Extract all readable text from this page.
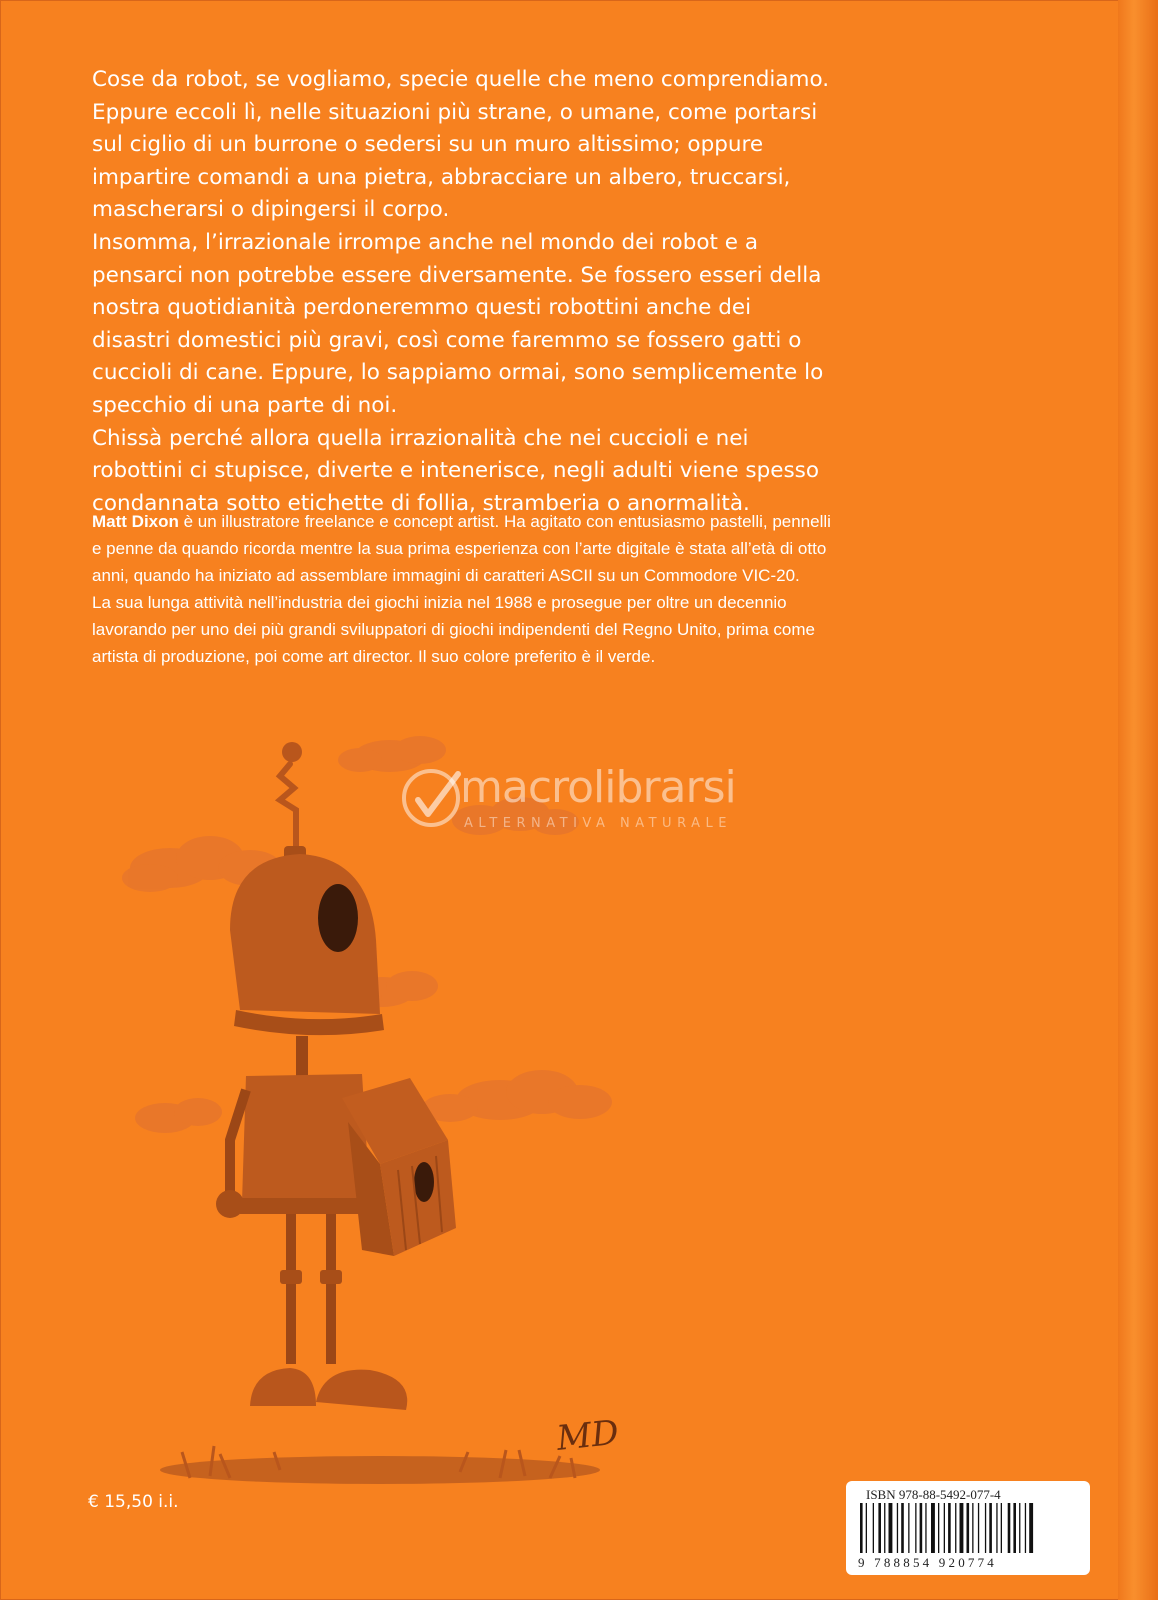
Cose da robot, se vogliamo, specie quelle che meno comprendiamo. Eppure eccoli lì, nelle situazioni più strane, o umane, come portarsi sul ciglio di un burrone o sedersi su un muro altissimo; oppure impartire comandi a una pietra, abbracciare un albero, truccarsi, mascherarsi o dipingersi il corpo.

Insomma, l’irrazionale irrompe anche nel mondo dei robot e a pensarci non potrebbe essere diversamente. Se fossero esseri della nostra quotidianità perdoneremmo questi robottini anche dei disastri domestici più gravi, così come faremmo se fossero gatti o cuccioli di cane. Eppure, lo sappiamo ormai, sono semplicemente lo specchio di una parte di noi.

Chissà perché allora quella irrazionalità che nei cuccioli e nei robottini ci stupisce, diverte e intenerisce, negli adulti viene spesso condannata sotto etichette di follia, stramberia o anormalità.

Matt Dixon è un illustratore freelance e concept artist. Ha agitato con entusiasmo pastelli, pennelli e penne da quando ricorda mentre la sua prima esperienza con l’arte digitale è stata all’età di otto anni, quando ha iniziato ad assemblare immagini di caratteri ASCII su un Commodore VIC-20.

La sua lunga attività nell’industria dei giochi inizia nel 1988 e prosegue per oltre un decennio lavorando per uno dei più grandi sviluppatori di giochi indipendenti del Regno Unito, prima come artista di produzione, poi come art director. Il suo colore preferito è il verde.

MD
macrolibrarsi
ALTERNATIVA NATURALE
€ 15,50 i.i.	ISBN 978-88-5492-077-4
9 788854 920774
